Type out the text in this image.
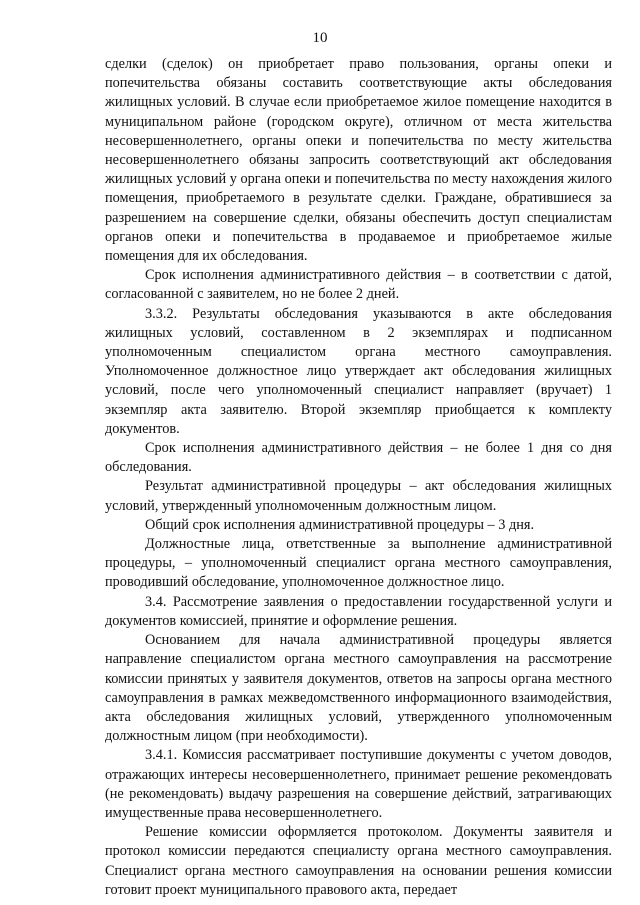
10

сделки (сделок) он приобретает право пользования, органы опеки и попечительства обязаны составить соответствующие акты обследования жилищных условий. В случае если приобретаемое жилое помещение находится в муниципальном районе (городском округе), отличном от места жительства несовершеннолетнего, органы опеки и попечительства по месту жительства несовершеннолетнего обязаны запросить соответствующий акт обследования жилищных условий у органа опеки и попечительства по месту нахождения жилого помещения, приобретаемого в результате сделки. Граждане, обратившиеся за разрешением на совершение сделки, обязаны обеспечить доступ специалистам органов опеки и попечительства в продаваемое и приобретаемое жилые помещения для их обследования.

Срок исполнения административного действия – в соответствии с датой, согласованной с заявителем, но не более 2 дней.

3.3.2. Результаты обследования указываются в акте обследования жилищных условий, составленном в 2 экземплярах и подписанном уполномоченным специалистом органа местного самоуправления. Уполномоченное должностное лицо утверждает акт обследования жилищных условий, после чего уполномоченный специалист направляет (вручает) 1 экземпляр акта заявителю. Второй экземпляр приобщается к комплекту документов.

Срок исполнения административного действия – не более 1 дня со дня обследования.

Результат административной процедуры – акт обследования жилищных условий, утвержденный уполномоченным должностным лицом.

Общий срок исполнения административной процедуры – 3 дня.

Должностные лица, ответственные за выполнение административной процедуры, – уполномоченный специалист органа местного самоуправления, проводивший обследование, уполномоченное должностное лицо.

3.4. Рассмотрение заявления о предоставлении государственной услуги и документов комиссией, принятие и оформление решения.

Основанием для начала административной процедуры является направление специалистом органа местного самоуправления на рассмотрение комиссии принятых у заявителя документов, ответов на запросы органа местного самоуправления в рамках межведомственного информационного взаимодействия, акта обследования жилищных условий, утвержденного уполномоченным должностным лицом (при необходимости).

3.4.1. Комиссия рассматривает поступившие документы с учетом доводов, отражающих интересы несовершеннолетнего, принимает решение рекомендовать (не рекомендовать) выдачу разрешения на совершение действий, затрагивающих имущественные права несовершеннолетнего.

Решение комиссии оформляется протоколом. Документы заявителя и протокол комиссии передаются специалисту органа местного самоуправления. Специалист органа местного самоуправления на основании решения комиссии готовит проект муниципального правового акта, передает
